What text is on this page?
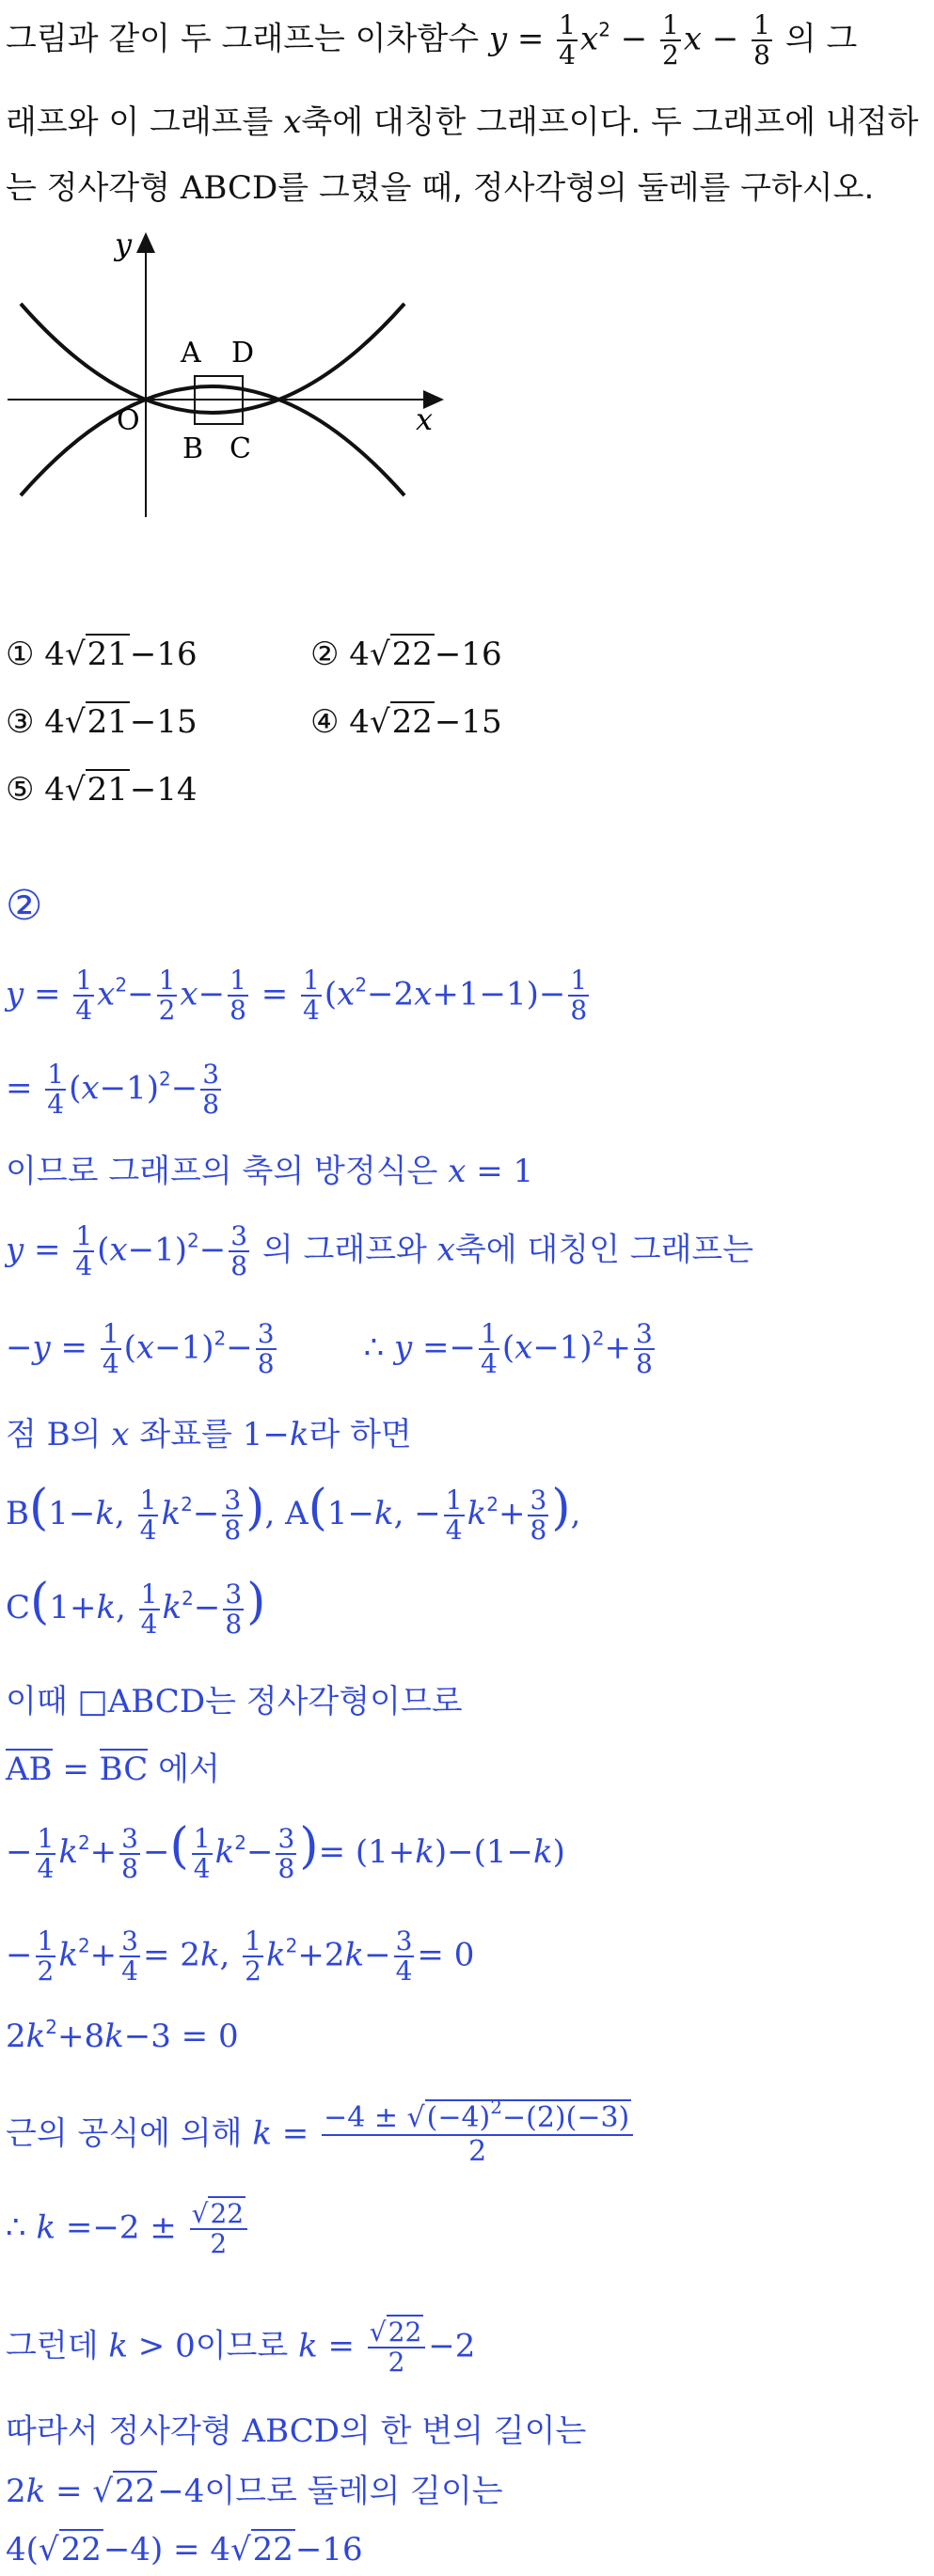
그림과 같이 두 그래프는 이차함수 $y = \frac{1}{4} x^2 - \frac{1}{2}$ $x - \frac{1}{8}$ 의 그
래프와 이 그래프를 x축에 대칭한 그래프이다. 두 그래프에 내접하
는 정사각형 ABCD를 그렸을 때, 정사각형의 둘레를 구하시오.
y
x
O
A D
B C
① 4√21−16	② 4√22−16
③ 4√21−15	④ 4√22−15
⑤ 4√21−14
②
$y = \frac{1}{4} x^2- \frac{1}{2} x- \frac{1}{8} = \frac{1}{4} (x^2-2x+1-1)- \frac{1}{8}$
= $\frac{1}{4} (x-1)^2- \frac{3}{8}$
이므로 그래프의 축의 방정식은 x = 1
$y = \frac{1}{4} (x-1)^2- \frac{3}{8}$ 의 그래프와 x축에 대칭인 그래프는
$-y = \frac{1}{4} (x-1)^2- \frac{3}{8}$	∴ $y =- \frac{1}{4} (x-1)^2+ \frac{3}{8}$
점 B의 x 좌표를 1−k라 하면
B(1−k, $\frac{1}{4} k^2- \frac{3}{8}$ ), A(1−k, − $\frac{1}{4} k^2+ \frac{3}{8}$ ),
C(1+k, $\frac{1}{4} k^2- \frac{3}{8}$ )
이때 □ABCD는 정사각형이므로
AB = BC 에서
− $\frac{1}{4} k^2+ \frac{3}{8}$ −( $\frac{1}{4} k^2- \frac{3}{8}$ )= (1+k)−(1−k)
− $\frac{1}{2} k^2+ \frac{3}{4} = 2k$, $\frac{1}{2} k^2+2k- \frac{3}{4} = 0$
$2k^2+8k-3 = 0$
근의 공식에 의해 $k = \frac{-4 \pm √(-4)^2-(2)(-3)}{2}$
∴ $k =-2 \pm \frac{√22}{2}$
그런데 k > 0이므로 $k = \frac{√22}{2} -2$
따라서 정사각형 ABCD의 한 변의 길이는
2k = √22−4이므로 둘레의 길이는
4(√22−4) = 4√22−16
